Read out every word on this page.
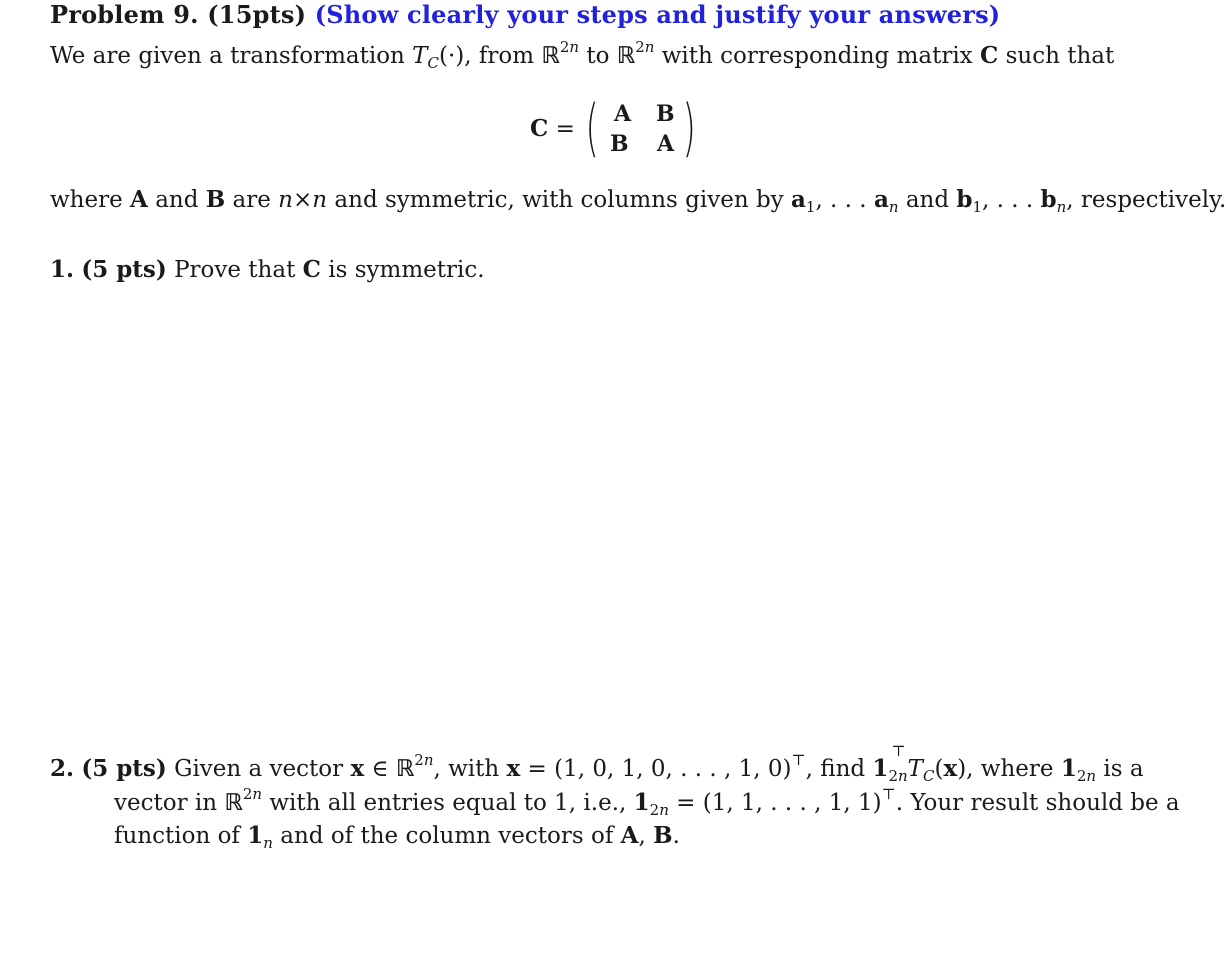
Problem 9. (15pts) (Show clearly your steps and justify your answers)
We are given a transformation $T_C(\cdot)$, from ℝ$^{2n}$ to ℝ$^{2n}$ with corresponding matrix C such that
C = ( A B
B A )
where A and B are n×n and symmetric, with columns given by $a_1$, . . . $a_n$ and $b_1$, . . . $b_n$, respectively.
1. (5 pts) Prove that C is symmetric.
2. (5 pts) Given a vector x ∈ ℝ$^{2n}$, with x = (1, 0, 1, 0, . . . , 1, 0)⊤, find $1_{2n}$
⊤
$T_C(x)$, where $1_{2n}$ is a
vector in ℝ$^{2n}$ with all entries equal to 1, i.e., $1_{2n} = (1$, 1, . . . , 1, 1)⊤. Your result should be a
function of $1_n$ and of the column vectors of A, B.
